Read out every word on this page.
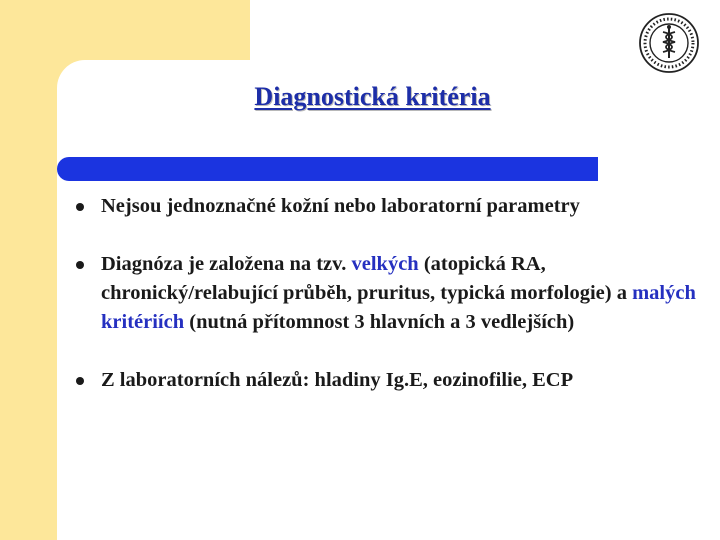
Diagnostická kritéria
Nejsou jednoznačné kožní nebo laboratorní parametry
Diagnóza je založena na tzv. velkých (atopická RA, chronický/relabující průběh, pruritus, typická morfologie) a malých kritériích (nutná přítomnost 3 hlavních a 3 vedlejších)
Z laboratorních nálezů: hladiny Ig.E, eozinofilie, ECP
